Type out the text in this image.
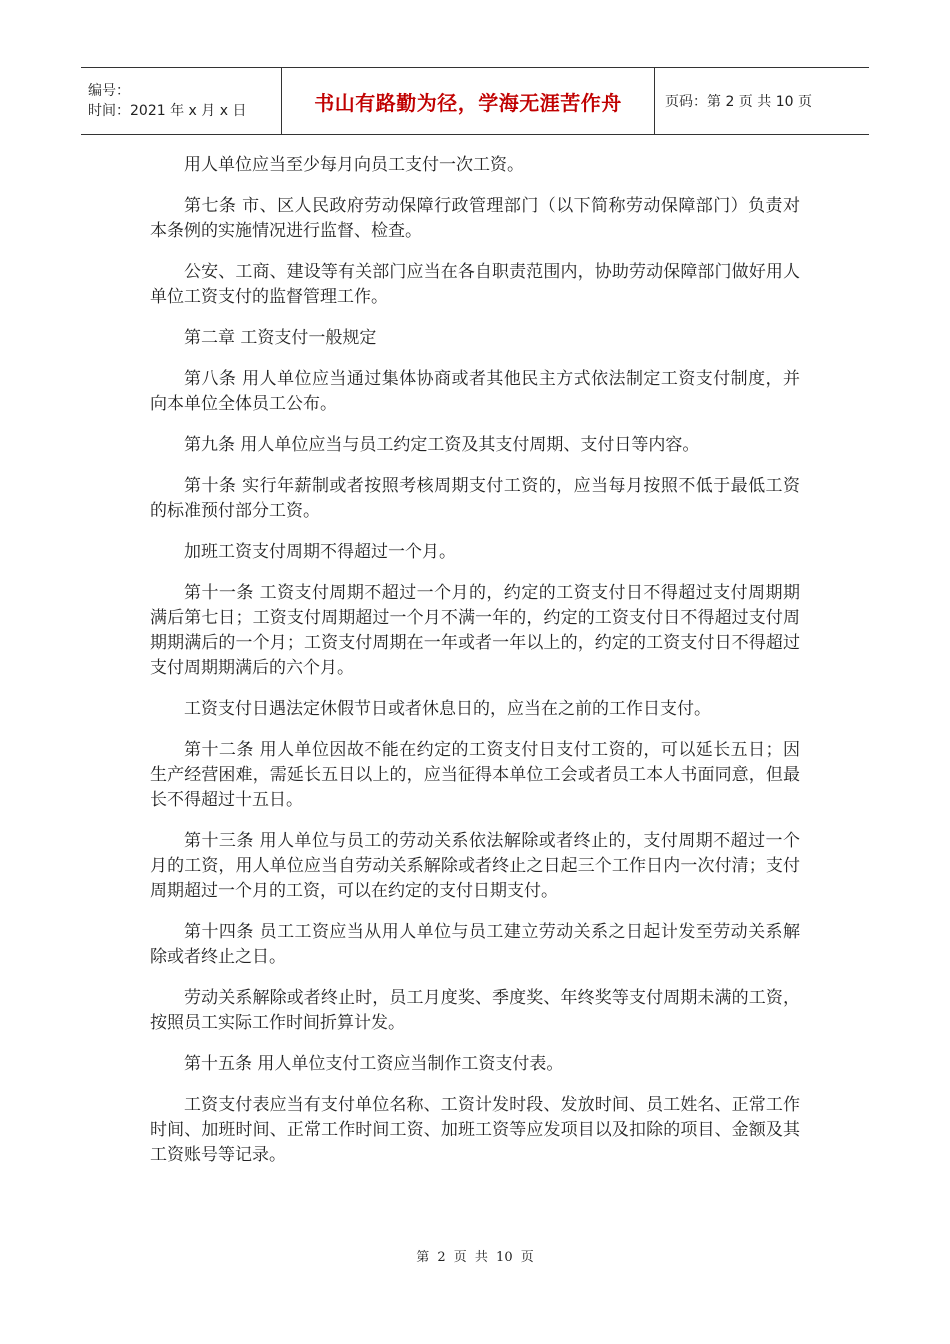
编号：
时间：2021 年 x 月 x 日	书山有路勤为径，学海无涯苦作舟	页码：第 2 页 共 10 页

用人单位应当至少每月向员工支付一次工资。

第七条 市、区人民政府劳动保障行政管理部门（以下简称劳动保障部门）负责对本条例的实施情况进行监督、检查。

公安、工商、建设等有关部门应当在各自职责范围内，协助劳动保障部门做好用人单位工资支付的监督管理工作。

第二章 工资支付一般规定

第八条 用人单位应当通过集体协商或者其他民主方式依法制定工资支付制度，并向本单位全体员工公布。

第九条 用人单位应当与员工约定工资及其支付周期、支付日等内容。

第十条 实行年薪制或者按照考核周期支付工资的，应当每月按照不低于最低工资的标准预付部分工资。

加班工资支付周期不得超过一个月。

第十一条 工资支付周期不超过一个月的，约定的工资支付日不得超过支付周期期满后第七日；工资支付周期超过一个月不满一年的，约定的工资支付日不得超过支付周期期满后的一个月；工资支付周期在一年或者一年以上的，约定的工资支付日不得超过支付周期期满后的六个月。

工资支付日遇法定休假节日或者休息日的，应当在之前的工作日支付。

第十二条 用人单位因故不能在约定的工资支付日支付工资的，可以延长五日；因生产经营困难，需延长五日以上的，应当征得本单位工会或者员工本人书面同意，但最长不得超过十五日。

第十三条 用人单位与员工的劳动关系依法解除或者终止的，支付周期不超过一个月的工资，用人单位应当自劳动关系解除或者终止之日起三个工作日内一次付清；支付周期超过一个月的工资，可以在约定的支付日期支付。

第十四条 员工工资应当从用人单位与员工建立劳动关系之日起计发至劳动关系解除或者终止之日。

劳动关系解除或者终止时，员工月度奖、季度奖、年终奖等支付周期未满的工资，按照员工实际工作时间折算计发。

第十五条 用人单位支付工资应当制作工资支付表。

工资支付表应当有支付单位名称、工资计发时段、发放时间、员工姓名、正常工作时间、加班时间、正常工作时间工资、加班工资等应发项目以及扣除的项目、金额及其工资账号等记录。

第 2 页 共 10 页
